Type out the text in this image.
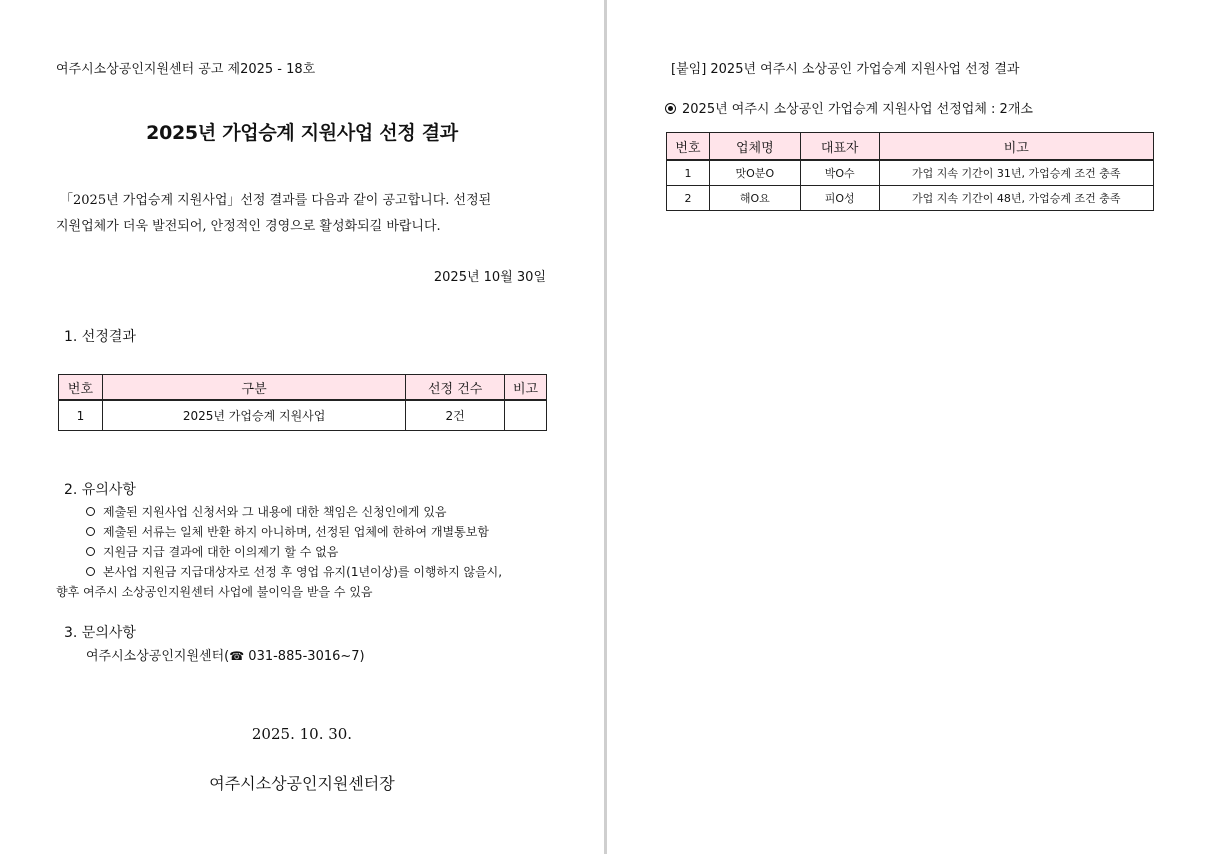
여주시소상공인지원센터 공고 제2025 - 18호
2025년 가업승계 지원사업 선정 결과

「2025년 가업승계 지원사업」선정 결과를 다음과 같이 공고합니다. 선정된

지원업체가 더욱 발전되어, 안정적인 경영으로 활성화되길 바랍니다.

2025년 10월 30일
1. 선정결과
번호	구분	선정 건수	비고
1	2025년 가업승계 지원사업	2건	
2. 유의사항
제출된 지원사업 신청서와 그 내용에 대한 책임은 신청인에게 있음
제출된 서류는 일체 반환 하지 아니하며, 선정된 업체에 한하여 개별통보함
지원금 지급 결과에 대한 이의제기 할 수 없음
본사업 지원금 지급대상자로 선정 후 영업 유지(1년이상)를 이행하지 않을시,
향후 여주시 소상공인지원센터 사업에 불이익을 받을 수 있음
3. 문의사항
여주시소상공인지원센터(☎ 031-885-3016~7)
2025. 10. 30.
여주시소상공인지원센터장
[붙임] 2025년 여주시 소상공인 가업승계 지원사업 선정 결과
2025년 여주시 소상공인 가업승계 지원사업 선정업체 : 2개소
번호	업체명	대표자	비고
1	맛O분O	박O수	가업 지속 기간이 31년, 가업승계 조건 충족
2	해O요	피O성	가업 지속 기간이 48년, 가업승계 조건 충족
